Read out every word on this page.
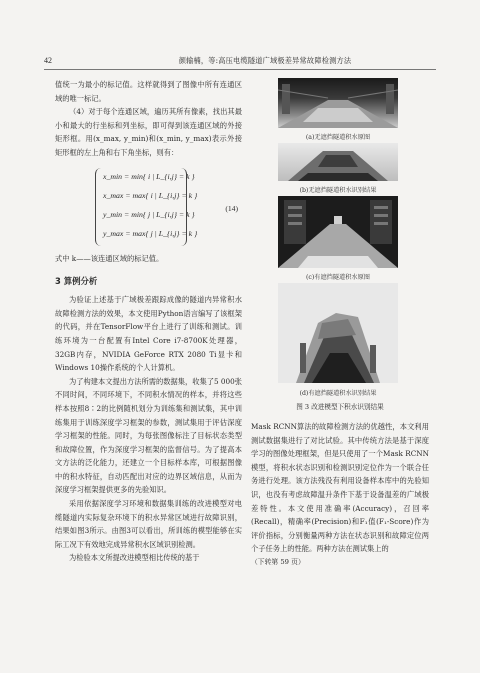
42	颜输楠，等:高压电缆隧道广域极差异常故障检测方法

值统一为最小的标记值。这样就得到了图像中所有连通区域的唯一标记。

（4）对于每个连通区域，遍历其所有像素，找出其最小和最大的行坐标和列坐标，即可得到该连通区域的外接矩形框。用(x_max, y_min)和(x_min, y_max)表示外接矩形框的左上角和右下角坐标，则有：

x_min = min{ i | L_{i,j} = k }
x_max = max{ i | L_{i,j} = k }
y_min = min{ j | L_{i,j} = k }
y_max = max{ j | L_{i,j} = k }
(14)

式中 k——该连通区域的标记值。

3 算例分析

为验证上述基于广域极差跟踪成像的隧道内异常积水故障检测方法的效果，本文使用Python语言编写了该框架的代码，并在TensorFlow平台上进行了训练和测试。训练环境为一台配置有Intel Core i7-8700K处理器，32GB内存，NVIDIA GeForce RTX 2080 Ti显卡和Windows 10操作系统的个人计算机。

为了构建本文提出方法所需的数据集，收集了5 000张不同时间，不同环境下，不同积水情况的样本，并将这些样本按照8∶2的比例随机划分为训练集和测试集，其中训练集用于训练深度学习框架的参数，测试集用于评估深度学习框架的性能。同时，为每张图像标注了目标状态类型和故障位置，作为深度学习框架的监督信号。为了提高本文方法的泛化能力，还建立一个目标样本库，可根据图像中的积水特征，自动匹配出对应的边界区域信息，从而为深度学习框架提供更多的先验知识。

采用依据深度学习环境和数据集训练的改进模型对电缆隧道内实际复杂环境下的积水异常区域进行故障识别，结果如图3所示。由图3可以看出，所训练的模型能够在实际工况下有效地完成异常积水区域识别检测。

为检验本文所提改进模型相比传统的基于

(a)无遮挡隧道积水原图
(b)无遮挡隧道积水识别结果
(c)有遮挡隧道积水原图
(d)有遮挡隧道积水识别结果
图 3 改进模型下积水识别结果

Mask RCNN算法的故障检测方法的优越性，本文利用测试数据集进行了对比试验。其中传统方法是基于深度学习的图像处理框架，但是只使用了一个Mask RCNN模型，将积水状态识别和检测识别定位作为一个联合任务进行处理。该方法残没有利用设备样本库中的先验知识，也没有考虑故障温升条件下基于设备温差的广域极差特性。本文使用准确率(Accuracy)，召回率(Recall)，精确率(Precision)和F₁值(F₁-Score)作为评价指标，分别衡量两种方法在状态识别和故障定位两个子任务上的性能。两种方法在测试集上的

（下转第 59 页）
